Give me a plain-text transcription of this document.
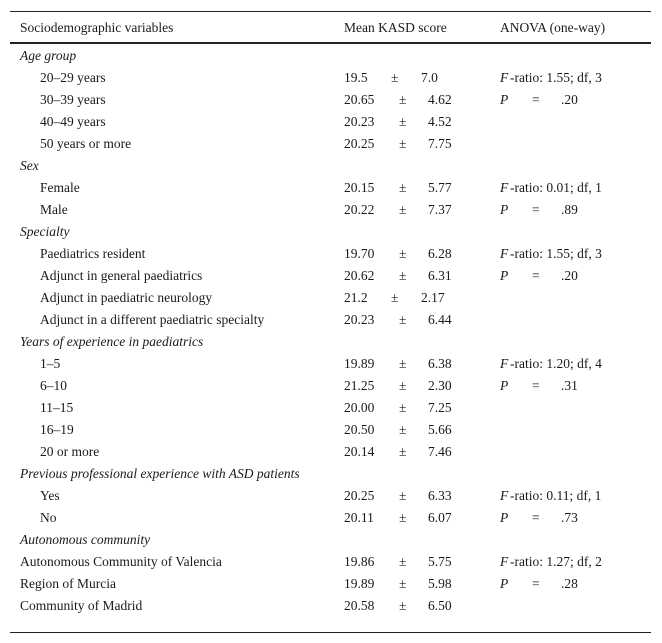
Sociodemographic variables	Mean KASD score	ANOVA (one-way)
Age group
20–29 years	19.5 ± 7.0	F -ratio: 1.55; df, 3
30–39 years	20.65 ± 4.62	P = .20
40–49 years	20.23 ± 4.52
50 years or more	20.25 ± 7.75
Sex
Female	20.15 ± 5.77	F -ratio: 0.01; df, 1
Male	20.22 ± 7.37	P = .89
Specialty
Paediatrics resident	19.70 ± 6.28	F -ratio: 1.55; df, 3
Adjunct in general paediatrics	20.62 ± 6.31	P = .20
Adjunct in paediatric neurology	21.2 ± 2.17
Adjunct in a different paediatric specialty	20.23 ± 6.44
Years of experience in paediatrics
1–5	19.89 ± 6.38	F -ratio: 1.20; df, 4
6–10	21.25 ± 2.30	P = .31
11–15	20.00 ± 7.25
16–19	20.50 ± 5.66
20 or more	20.14 ± 7.46
Previous professional experience with ASD patients
Yes	20.25 ± 6.33	F -ratio: 0.11; df, 1
No	20.11 ± 6.07	P = .73
Autonomous community
Autonomous Community of Valencia	19.86 ± 5.75	F -ratio: 1.27; df, 2
Region of Murcia	19.89 ± 5.98	P = .28
Community of Madrid	20.58 ± 6.50
